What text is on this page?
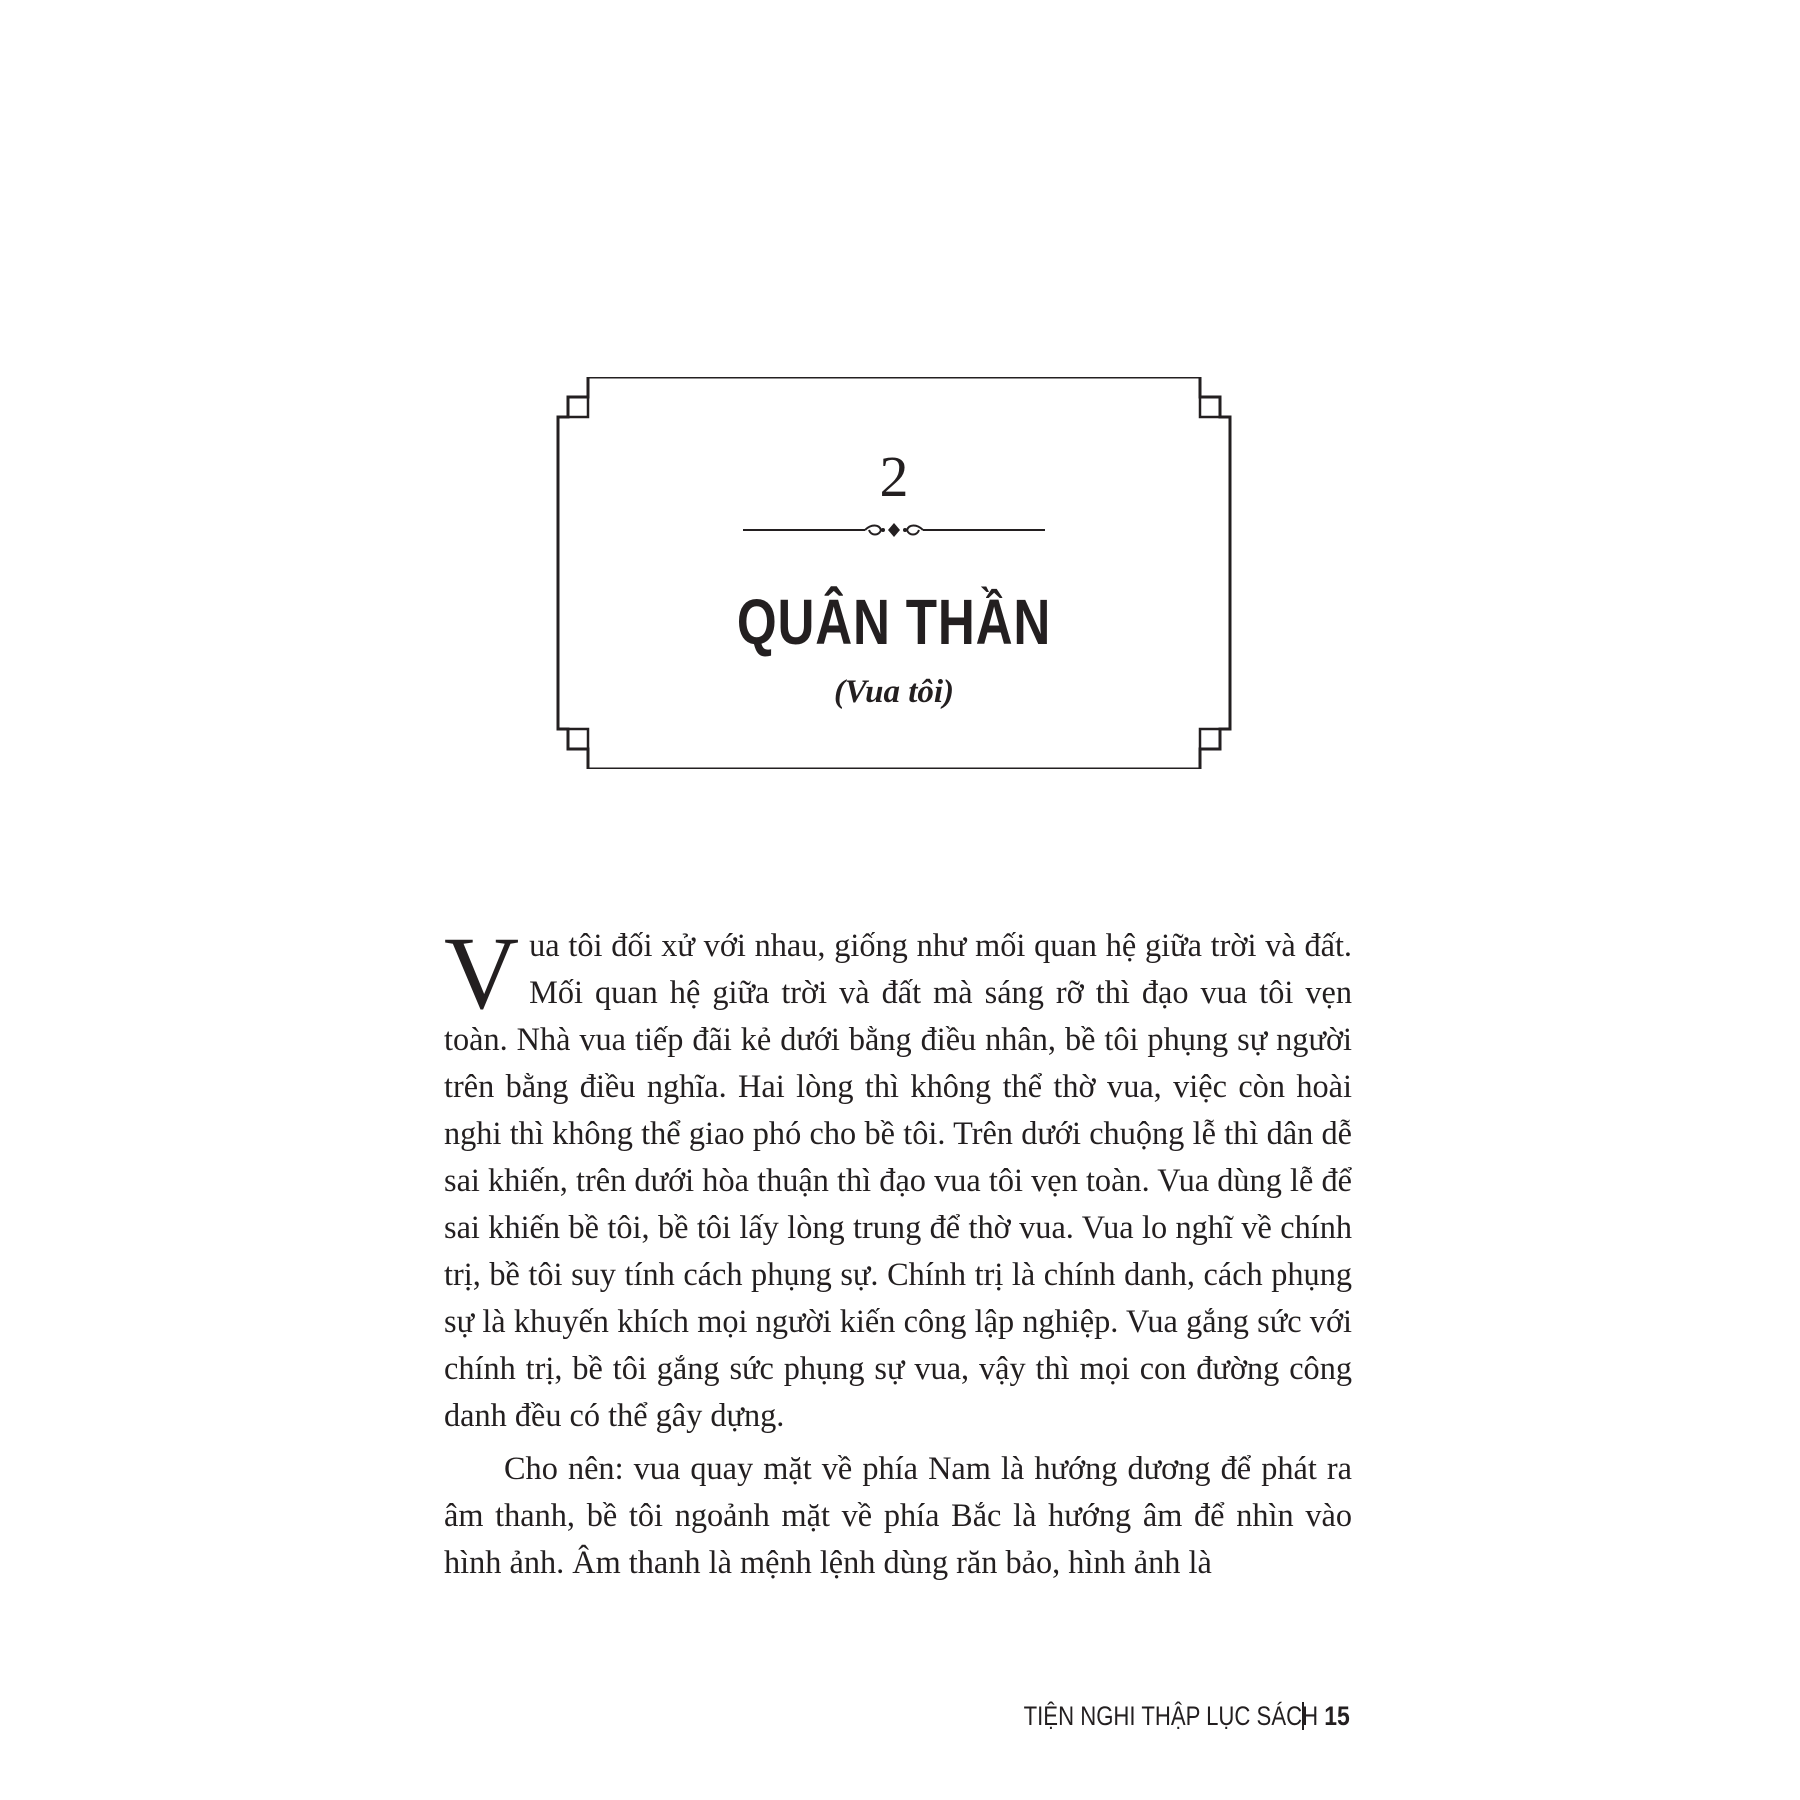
2
QUÂN THẦN
(Vua tôi)

Vua tôi đối xử với nhau, giống như mối quan hệ giữa trời và đất. Mối quan hệ giữa trời và đất mà sáng rỡ thì đạo vua tôi vẹn toàn. Nhà vua tiếp đãi kẻ dưới bằng điều nhân, bề tôi phụng sự người trên bằng điều nghĩa. Hai lòng thì không thể thờ vua, việc còn hoài nghi thì không thể giao phó cho bề tôi. Trên dưới chuộng lễ thì dân dễ sai khiến, trên dưới hòa thuận thì đạo vua tôi vẹn toàn. Vua dùng lễ để sai khiến bề tôi, bề tôi lấy lòng trung để thờ vua. Vua lo nghĩ về chính trị, bề tôi suy tính cách phụng sự. Chính trị là chính danh, cách phụng sự là khuyến khích mọi người kiến công lập nghiệp. Vua gắng sức với chính trị, bề tôi gắng sức phụng sự vua, vậy thì mọi con đường công danh đều có thể gây dựng.

Cho nên: vua quay mặt về phía Nam là hướng dương để phát ra âm thanh, bề tôi ngoảnh mặt về phía Bắc là hướng âm để nhìn vào hình ảnh. Âm thanh là mệnh lệnh dùng răn bảo, hình ảnh là

TIỆN NGHI THẬP LỤC SÁCH 15
